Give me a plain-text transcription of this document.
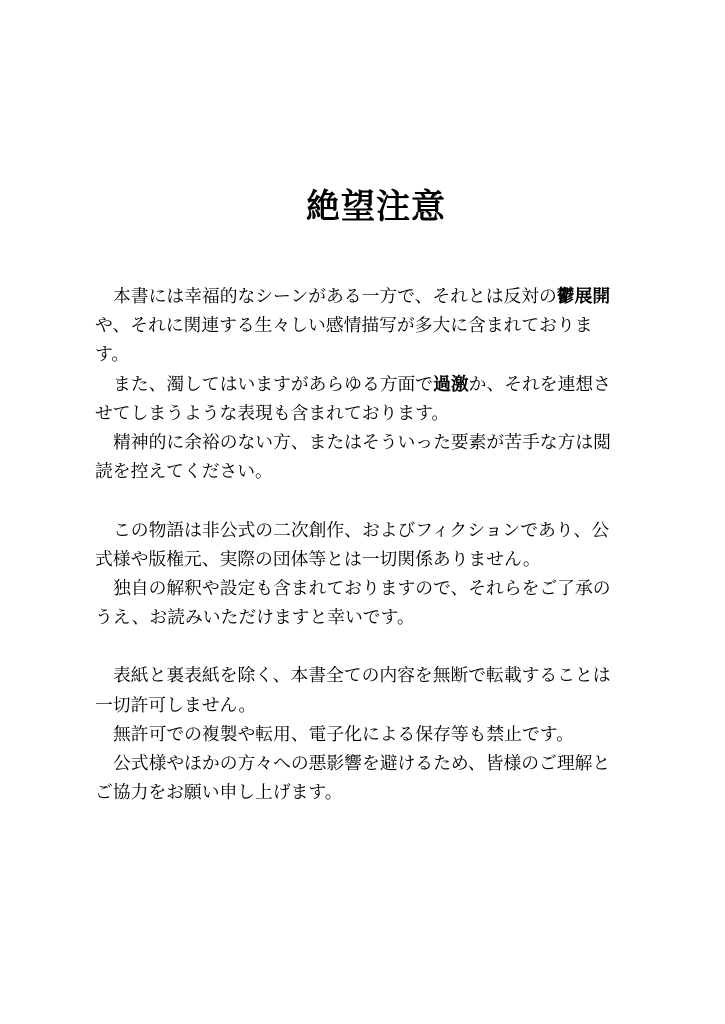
絶望注意
本書には幸福的なシーンがある一方で、それとは反対の鬱展開
や、それに関連する生々しい感情描写が多大に含まれておりま
す。
また、濁してはいますがあらゆる方面で過激か、それを連想さ
せてしまうような表現も含まれております。
精神的に余裕のない方、またはそういった要素が苦手な方は閲
読を控えてください。
この物語は非公式の二次創作、およびフィクションであり、公
式様や版権元、実際の団体等とは一切関係ありません。
独自の解釈や設定も含まれておりますので、それらをご了承の
うえ、お読みいただけますと幸いです。
表紙と裏表紙を除く、本書全ての内容を無断で転載することは
一切許可しません。
無許可での複製や転用、電子化による保存等も禁止です。
公式様やほかの方々への悪影響を避けるため、皆様のご理解と
ご協力をお願い申し上げます。
